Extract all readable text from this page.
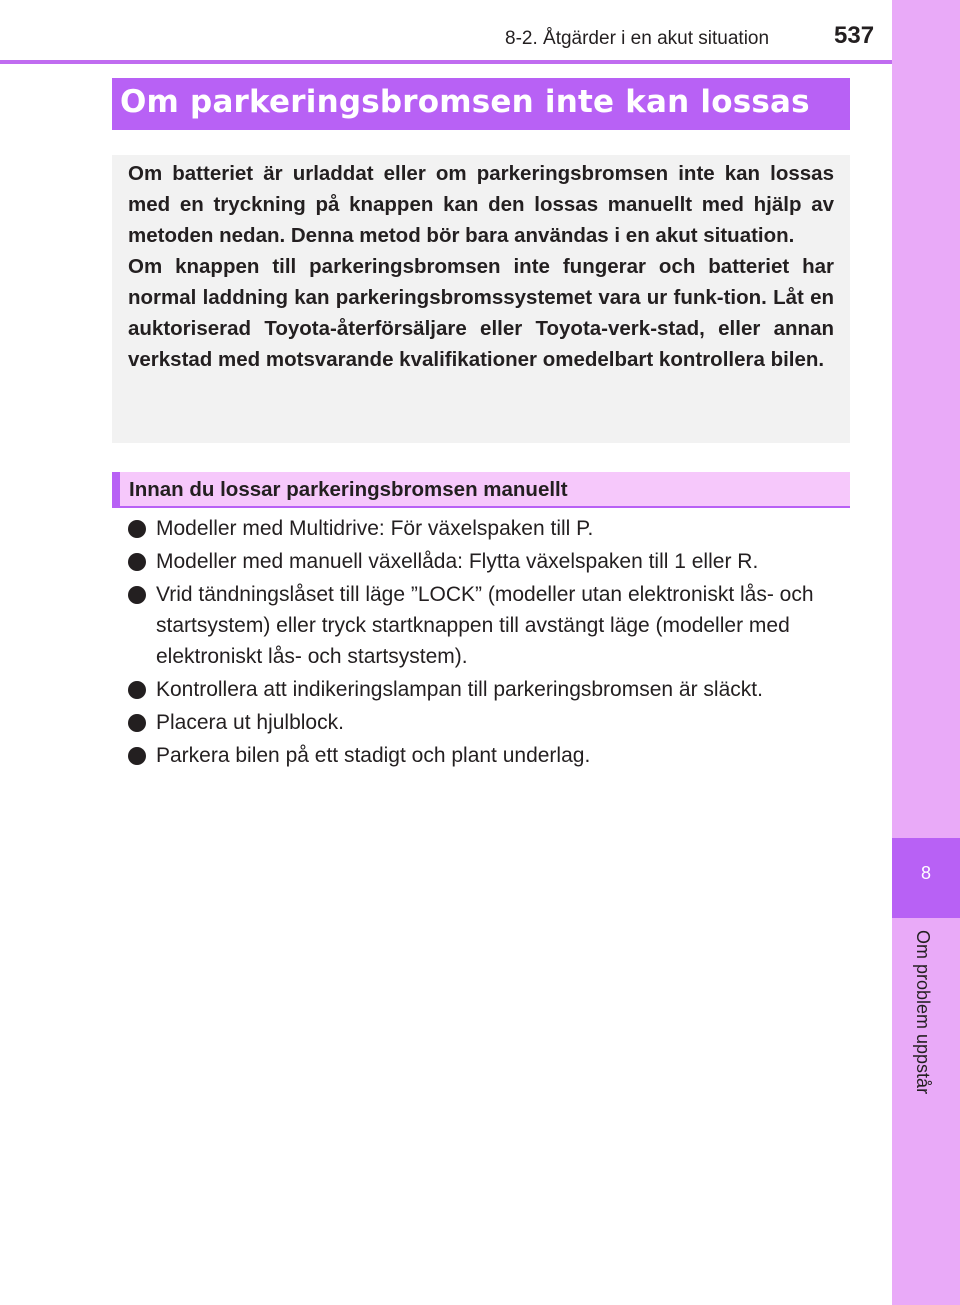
8-2. Åtgärder i en akut situation	537
8
Om problem uppstår
Om parkeringsbromsen inte kan lossas

Om batteriet är urladdat eller om parkeringsbromsen inte kan lossas med en tryckning på knappen kan den lossas manuellt med hjälp av metoden nedan. Denna metod bör bara användas i en akut situation.

Om knappen till parkeringsbromsen inte fungerar och batteriet har normal laddning kan parkeringsbromssystemet vara ur funk-tion. Låt en auktoriserad Toyota-återförsäljare eller Toyota-verk-stad, eller annan verkstad med motsvarande kvalifikationer omedelbart kontrollera bilen.

Innan du lossar parkeringsbromsen manuellt
Modeller med Multidrive: För växelspaken till P.
Modeller med manuell växellåda: Flytta växelspaken till 1 eller R.
Vrid tändningslåset till läge ”LOCK” (modeller utan elektroniskt lås- och startsystem) eller tryck startknappen till avstängt läge (modeller med elektroniskt lås- och startsystem).
Kontrollera att indikeringslampan till parkeringsbromsen är släckt.
Placera ut hjulblock.
Parkera bilen på ett stadigt och plant underlag.
